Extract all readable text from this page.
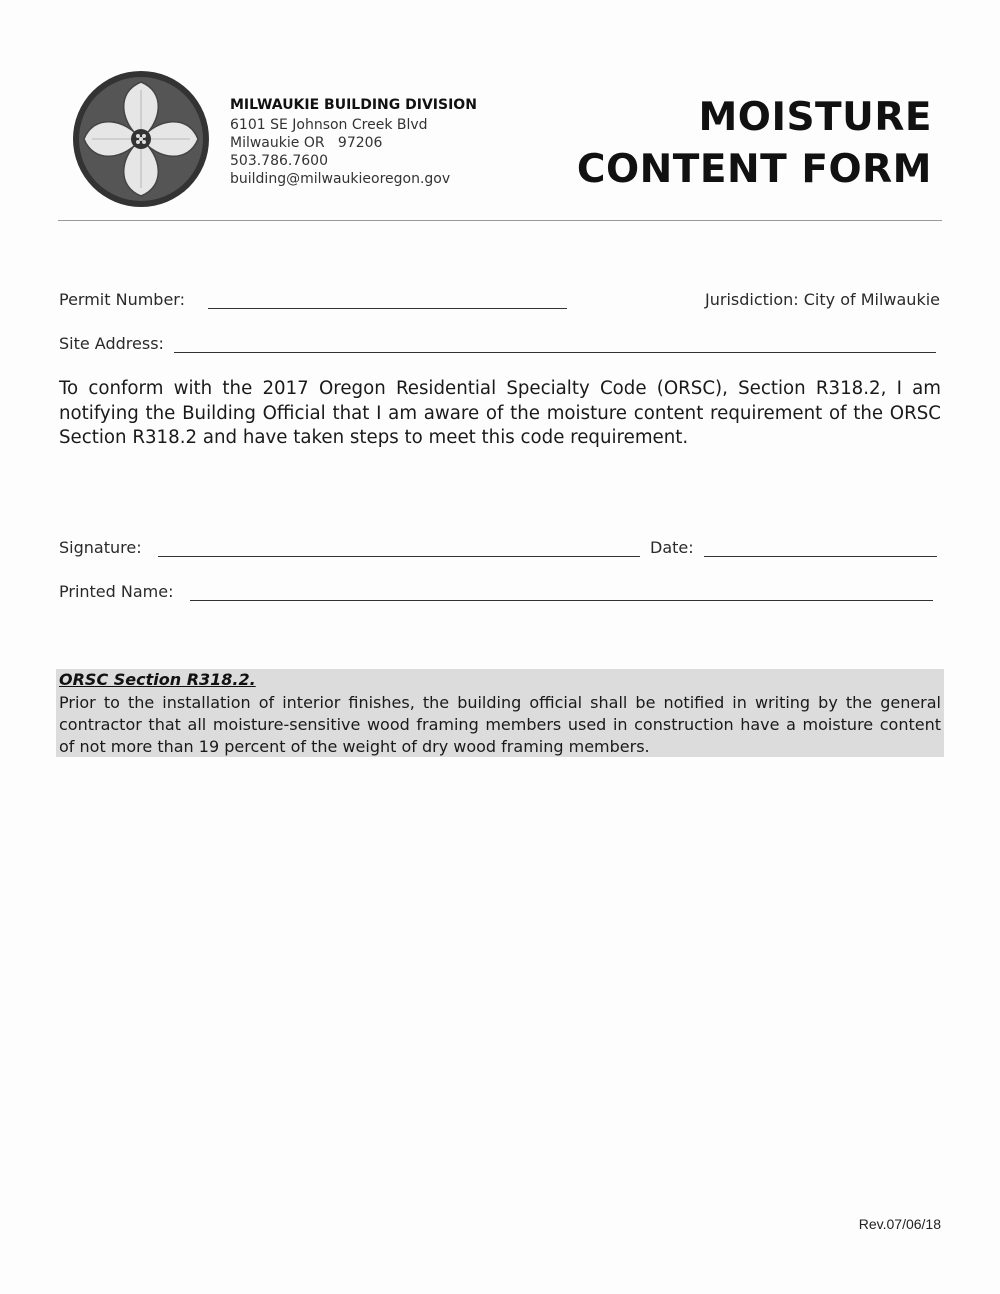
MILWAUKIE BUILDING DIVISION
6101 SE Johnson Creek Blvd
Milwaukie OR   97206
503.786.7600
building@milwaukieoregon.gov
MOISTURE
CONTENT FORM
Permit Number:	Jurisdiction: City of Milwaukie
Site Address:
To conform with the 2017 Oregon Residential Specialty Code (ORSC), Section R318.2, I am notifying the Building Official that I am aware of the moisture content requirement of the ORSC Section R318.2 and have taken steps to meet this code requirement.
Signature:	Date:
Printed Name:
ORSC Section R318.2.
Prior to the installation of interior finishes, the building official shall be notified in writing by the general contractor that all moisture-sensitive wood framing members used in construction have a moisture content of not more than 19 percent of the weight of dry wood framing members.
Rev.07/06/18
